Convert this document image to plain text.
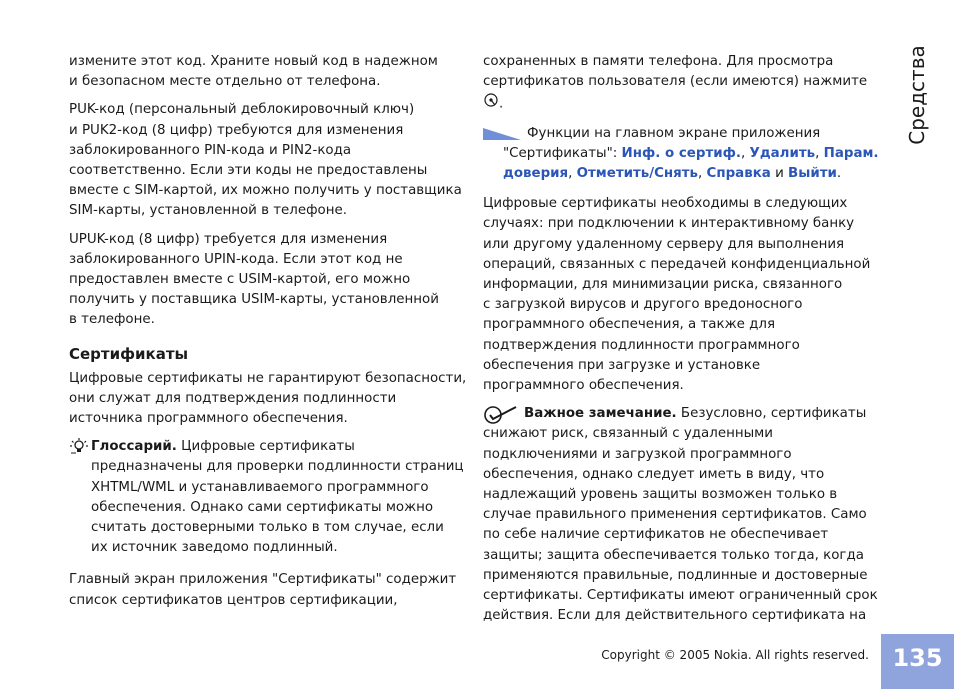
Средства
135
Copyright © 2005 Nokia. All rights reserved.

измените этот код. Храните новый код в надежном
и безопасном месте отдельно от телефона.

PUK-код (персональный деблокировочный ключ)
и PUK2-код (8 цифр) требуются для изменения
заблокированного PIN-кода и PIN2-кода
соответственно. Если эти коды не предоставлены
вместе с SIM-картой, их можно получить у поставщика
SIM-карты, установленной в телефоне.

UPUK-код (8 цифр) требуется для изменения
заблокированного UPIN-кода. Если этот код не
предоставлен вместе с USIM-картой, его можно
получить у поставщика USIM-карты, установленной
в телефоне.

Сертификаты

Цифровые сертификаты не гарантируют безопасности,
они служат для подтверждения подлинности
источника программного обеспечения.

Глоссарий. Цифровые сертификаты
предназначены для проверки подлинности страниц
XHTML/WML и устанавливаемого программного
обеспечения. Однако сами сертификаты можно
считать достоверными только в том случае, если
их источник заведомо подлинный.

Главный экран приложения "Сертификаты" содержит
список сертификатов центров сертификации,

сохраненных в памяти телефона. Для просмотра
сертификатов пользователя (если имеются) нажмите
.

Функции на главном экране приложения
"Сертификаты": Инф. о сертиф., Удалить, Парам.
доверия, Отметить/Снять, Справка и Выйти.

Цифровые сертификаты необходимы в следующих
случаях: при подключении к интерактивному банку
или другому удаленному серверу для выполнения
операций, связанных с передачей конфиденциальной
информации, для минимизации риска, связанного
с загрузкой вирусов и другого вредоносного
программного обеспечения, а также для
подтверждения подлинности программного
обеспечения при загрузке и установке
программного обеспечения.

Важное замечание. Безусловно, сертификаты
снижают риск, связанный с удаленными
подключениями и загрузкой программного
обеспечения, однако следует иметь в виду, что
надлежащий уровень защиты возможен только в
случае правильного применения сертификатов. Само
по себе наличие сертификатов не обеспечивает
защиты; защита обеспечивается только тогда, когда
применяются правильные, подлинные и достоверные
сертификаты. Сертификаты имеют ограниченный срок
действия. Если для действительного сертификата на
